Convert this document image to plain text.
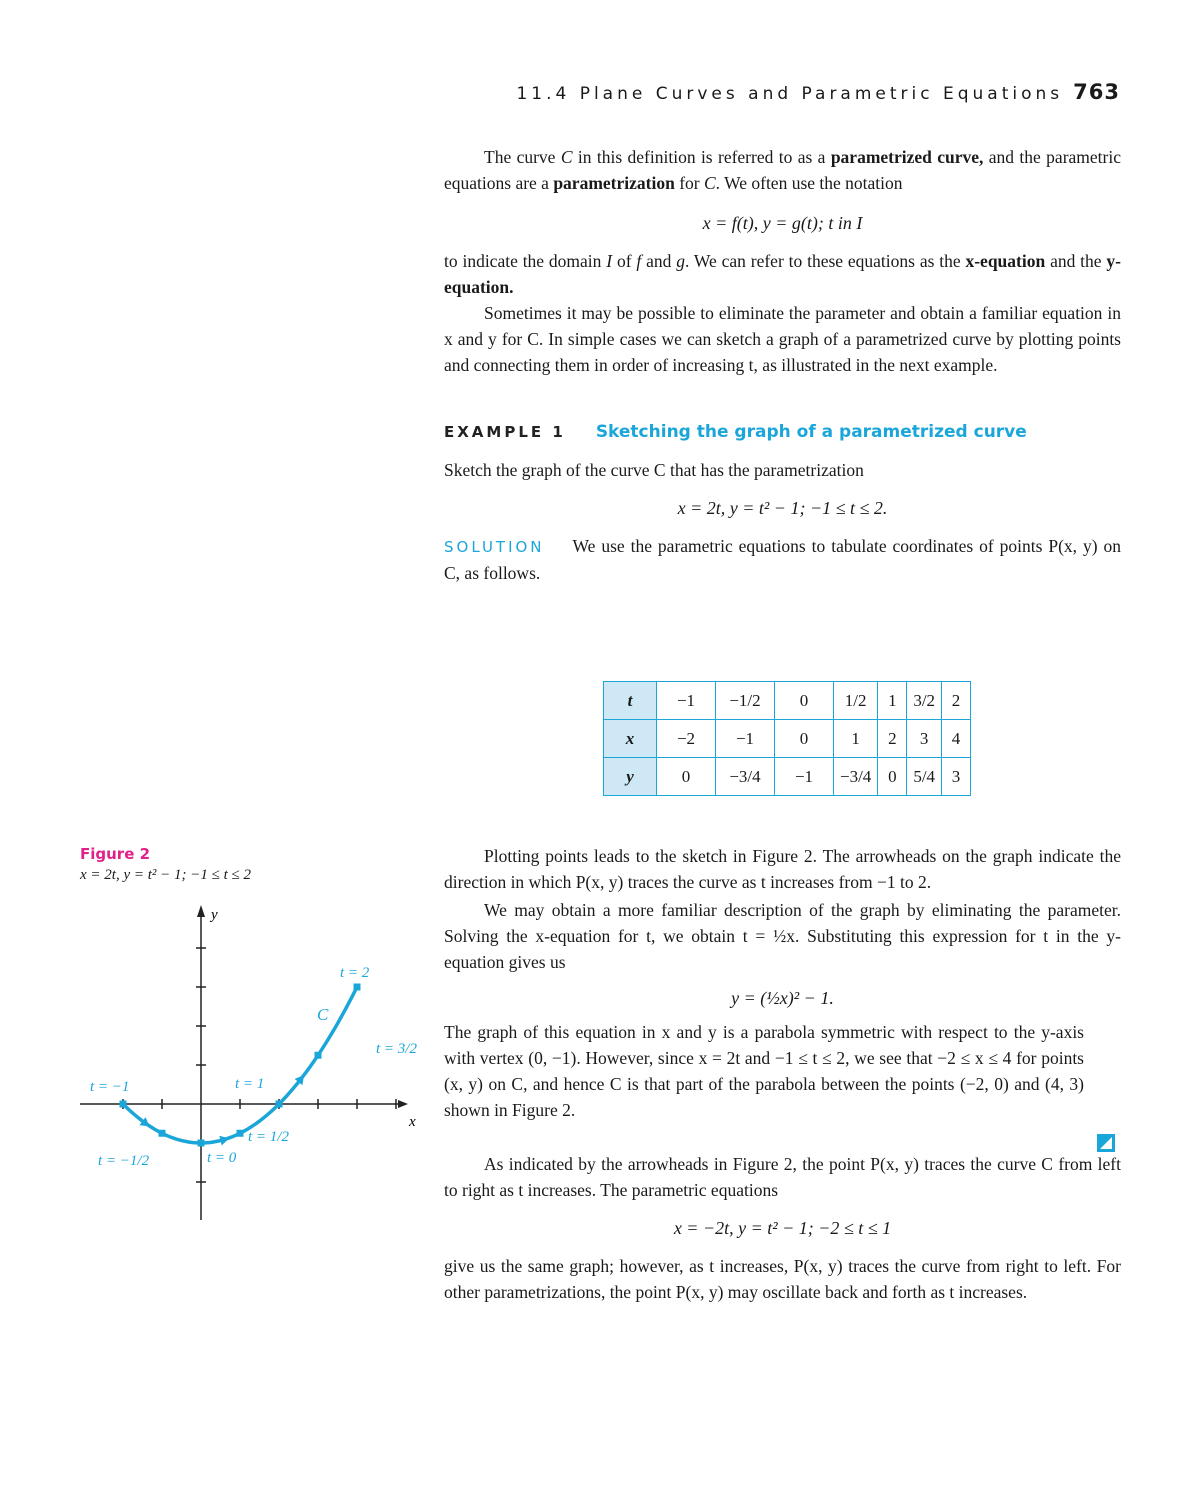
11.4 Plane Curves and Parametric Equations 763

The curve C in this definition is referred to as a parametrized curve, and the parametric equations are a parametrization for C. We often use the notation

x = f(t), y = g(t); t in I

to indicate the domain I of f and g. We can refer to these equations as the x-equation and the y-equation.

Sometimes it may be possible to eliminate the parameter and obtain a familiar equation in x and y for C. In simple cases we can sketch a graph of a parametrized curve by plotting points and connecting them in order of increasing t, as illustrated in the next example.

EXAMPLE 1 Sketching the graph of a parametrized curve

Sketch the graph of the curve C that has the parametrization

x = 2t, y = t² − 1; −1 ≤ t ≤ 2.

SOLUTION We use the parametric equations to tabulate coordinates of points P(x, y) on C, as follows.

t	−1	−1/2	0	1/2	1	3/2	2
x	−2	−1	0	1	2	3	4
y	0	−3/4	−1	−3/4	0	5/4	3

Plotting points leads to the sketch in Figure 2. The arrowheads on the graph indicate the direction in which P(x, y) traces the curve as t increases from −1 to 2.

We may obtain a more familiar description of the graph by eliminating the parameter. Solving the x-equation for t, we obtain t = ½x. Substituting this expression for t in the y-equation gives us

y = (½x)² − 1.

The graph of this equation in x and y is a parabola symmetric with respect to the y-axis with vertex (0, −1). However, since x = 2t and −1 ≤ t ≤ 2, we see that −2 ≤ x ≤ 4 for points (x, y) on C, and hence C is that part of the parabola between the points (−2, 0) and (4, 3) shown in Figure 2.

As indicated by the arrowheads in Figure 2, the point P(x, y) traces the curve C from left to right as t increases. The parametric equations

x = −2t, y = t² − 1; −2 ≤ t ≤ 1

give us the same graph; however, as t increases, P(x, y) traces the curve from right to left. For other parametrizations, the point P(x, y) may oscillate back and forth as t increases.

Figure 2
x = 2t, y = t² − 1; −1 ≤ t ≤ 2
x
y
t = 2
t = 3/2
t = 1
t = 1/2
t = 0
t = −1/2
t = −1
C
